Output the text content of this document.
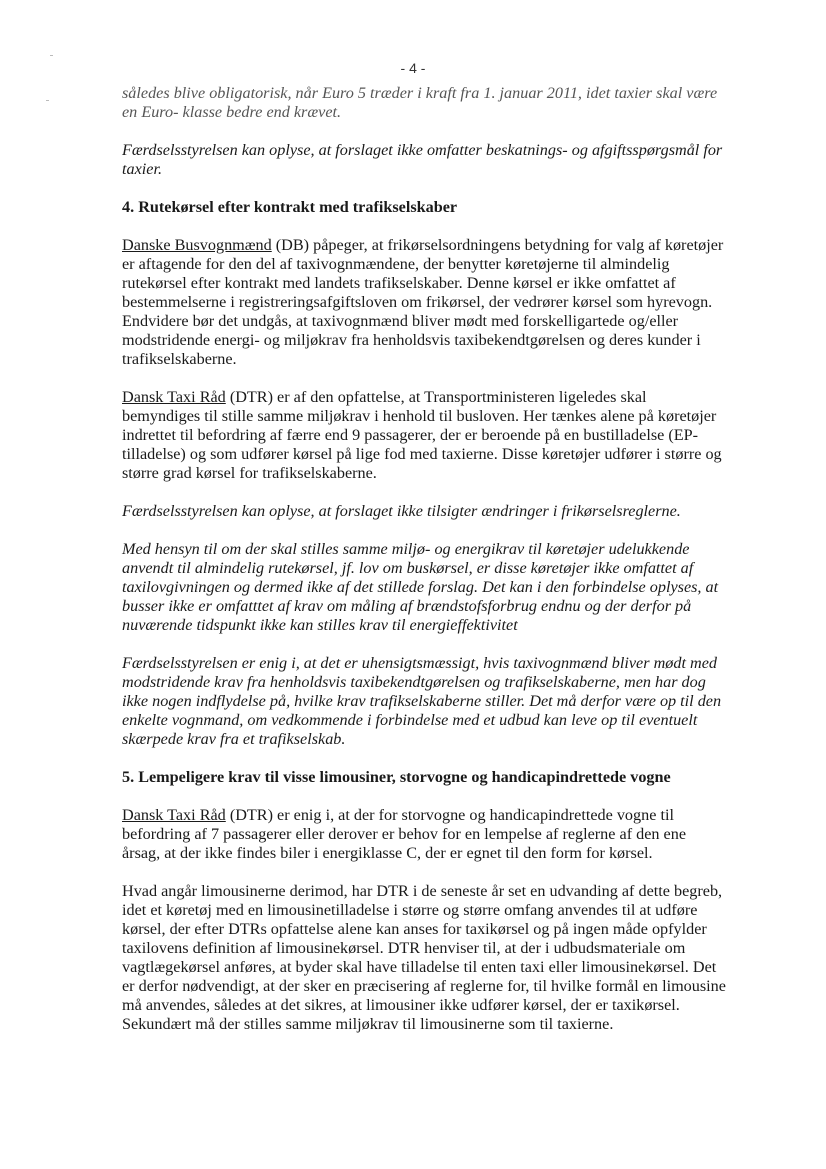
- 4 -

således blive obligatorisk, når Euro 5 træder i kraft fra 1. januar 2011, idet taxier skal være en Euro- klasse bedre end krævet.

Færdselsstyrelsen kan oplyse, at forslaget ikke omfatter beskatnings- og afgiftsspørgsmål for taxier.

4. Rutekørsel efter kontrakt med trafikselskaber

Danske Busvognmænd (DB) påpeger, at frikørselsordningens betydning for valg af køretøjer er aftagende for den del af taxivognmændene, der benytter køretøjerne til almindelig rutekørsel efter kontrakt med landets trafikselskaber. Denne kørsel er ikke omfattet af bestemmelserne i registreringsafgiftsloven om frikørsel, der vedrører kørsel som hyrevogn. Endvidere bør det undgås, at taxivognmænd bliver mødt med forskelligartede og/eller modstridende energi- og miljøkrav fra henholdsvis taxibekendtgørelsen og deres kunder i trafikselskaberne.

Dansk Taxi Råd (DTR) er af den opfattelse, at Transportministeren ligeledes skal bemyndiges til stille samme miljøkrav i henhold til busloven. Her tænkes alene på køretøjer indrettet til befordring af færre end 9 passagerer, der er beroende på en bustilladelse (EP-tilladelse) og som udfører kørsel på lige fod med taxierne. Disse køretøjer udfører i større og større grad kørsel for trafikselskaberne.

Færdselsstyrelsen kan oplyse, at forslaget ikke tilsigter ændringer i frikørselsreglerne.

Med hensyn til om der skal stilles samme miljø- og energikrav til køretøjer udelukkende anvendt til almindelig rutekørsel, jf. lov om buskørsel, er disse køretøjer ikke omfattet af taxilovgivningen og dermed ikke af det stillede forslag. Det kan i den forbindelse oplyses, at busser ikke er omfatttet af krav om måling af brændstofsforbrug endnu og der derfor på nuværende tidspunkt ikke kan stilles krav til energieffektivitet

Færdselsstyrelsen er enig i, at det er uhensigtsmæssigt, hvis taxivognmænd bliver mødt med modstridende krav fra henholdsvis taxibekendtgørelsen og trafikselskaberne, men har dog ikke nogen indflydelse på, hvilke krav trafikselskaberne stiller. Det må derfor være op til den enkelte vognmand, om vedkommende i forbindelse med et udbud kan leve op til eventuelt skærpede krav fra et trafikselskab.

5. Lempeligere krav til visse limousiner, storvogne og handicapindrettede vogne

Dansk Taxi Råd (DTR) er enig i, at der for storvogne og handicapindrettede vogne til befordring af 7 passagerer eller derover er behov for en lempelse af reglerne af den ene årsag, at der ikke findes biler i energiklasse C, der er egnet til den form for kørsel.

Hvad angår limousinerne derimod, har DTR i de seneste år set en udvanding af dette begreb, idet et køretøj med en limousinetilladelse i større og større omfang anvendes til at udføre kørsel, der efter DTRs opfattelse alene kan anses for taxikørsel og på ingen måde opfylder taxilovens definition af limousinekørsel. DTR henviser til, at der i udbudsmateriale om vagtlægekørsel anføres, at byder skal have tilladelse til enten taxi eller limousinekørsel. Det er derfor nødvendigt, at der sker en præcisering af reglerne for, til hvilke formål en limousine må anvendes, således at det sikres, at limousiner ikke udfører kørsel, der er taxikørsel. Sekundært må der stilles samme miljøkrav til limousinerne som til taxierne.
